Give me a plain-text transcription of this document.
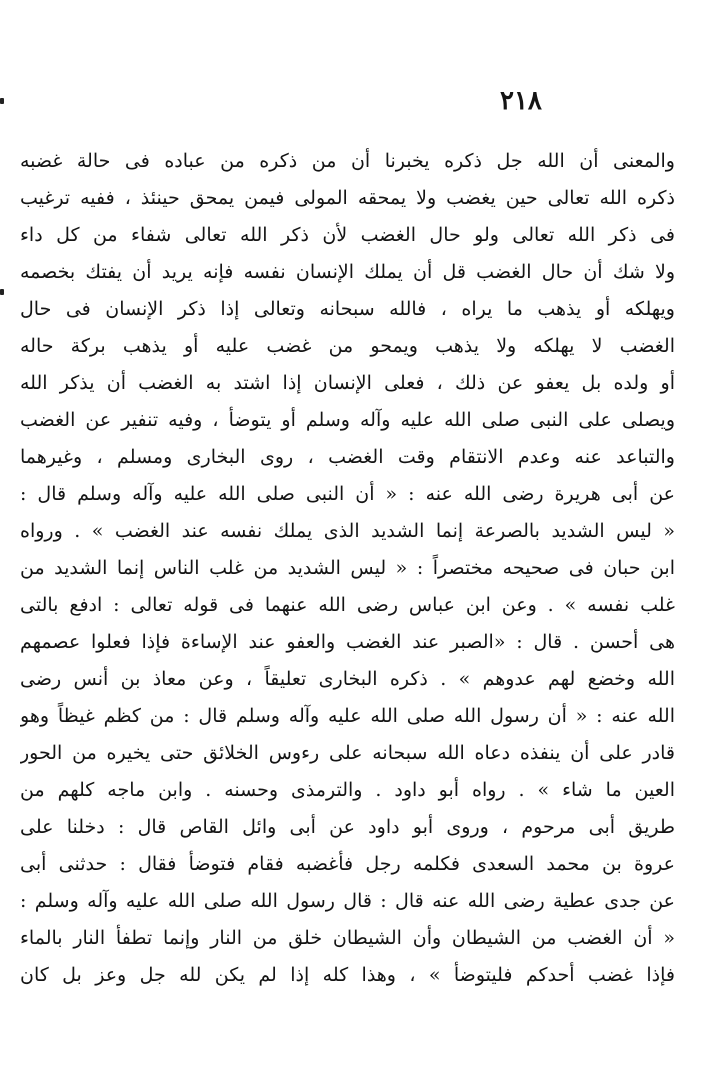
٢١٨
والمعنى أن الله جل ذكره يخبرنا أن من ذكره من عباده فى حالة غضبه
ذكره الله تعالى حين يغضب ولا يمحقه المولى فيمن يمحق حينئذ ، ففيه ترغيب
فى ذكر الله تعالى ولو حال الغضب لأن ذكر الله تعالى شفاء من كل داء
ولا شك أن حال الغضب قل أن يملك الإنسان نفسه فإنه يريد أن يفتك بخصمه
ويهلكه أو يذهب ما يراه ، فالله سبحانه وتعالى إذا ذكر الإنسان فى حال
الغضب لا يهلكه ولا يذهب ويمحو من غضب عليه أو يذهب بركة حاله
أو ولده بل يعفو عن ذلك ، فعلى الإنسان إذا اشتد به الغضب أن يذكر الله
ويصلى على النبى صلى الله عليه وآله وسلم أو يتوضأ ، وفيه تنفير عن الغضب
والتباعد عنه وعدم الانتقام وقت الغضب ، روى البخارى ومسلم ، وغيرهما
عن أبى هريرة رضى الله عنه : « أن النبى صلى الله عليه وآله وسلم قال :
« ليس الشديد بالصرعة إنما الشديد الذى يملك نفسه عند الغضب » . ورواه
ابن حبان فى صحيحه مختصراً : « ليس الشديد من غلب الناس إنما الشديد من
غلب نفسه » . وعن ابن عباس رضى الله عنهما فى قوله تعالى : ادفع بالتى
هى أحسن . قال : «الصبر عند الغضب والعفو عند الإساءة فإذا فعلوا عصمهم
الله وخضع لهم عدوهم » . ذكره البخارى تعليقاً ، وعن معاذ بن أنس رضى
الله عنه : « أن رسول الله صلى الله عليه وآله وسلم قال : من كظم غيظاً وهو
قادر على أن ينفذه دعاه الله سبحانه على رءوس الخلائق حتى يخيره من الحور
العين ما شاء » . رواه أبو داود . والترمذى وحسنه . وابن ماجه كلهم من
طريق أبى مرحوم ، وروى أبو داود عن أبى وائل القاص قال : دخلنا على
عروة بن محمد السعدى فكلمه رجل فأغضبه فقام فتوضأ فقال : حدثنى أبى
عن جدى عطية رضى الله عنه قال : قال رسول الله صلى الله عليه وآله وسلم :
« أن الغضب من الشيطان وأن الشيطان خلق من النار وإنما تطفأ النار بالماء
فإذا غضب أحدكم فليتوضأ » ، وهذا كله إذا لم يكن لله جل وعز بل كان
